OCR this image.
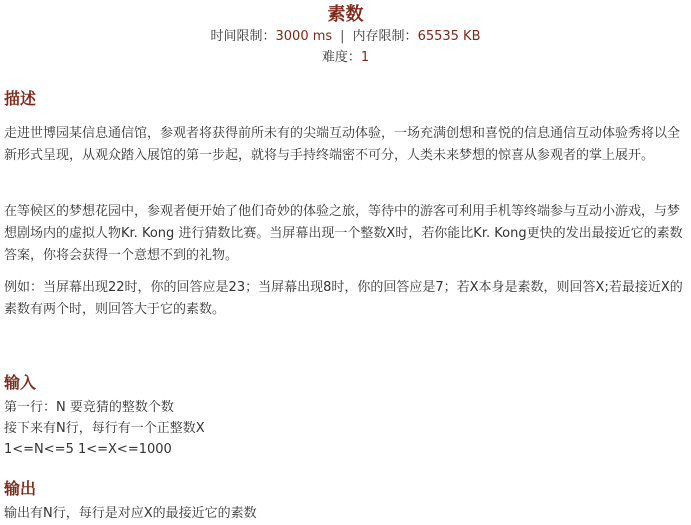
素数
时间限制：3000 ms | 内存限制：65535 KB
难度：1
描述

走进世博园某信息通信馆，参观者将获得前所未有的尖端互动体验，一场充满创想和喜悦的信息通信互动体验秀将以全新形式呈现，从观众踏入展馆的第一步起，就将与手持终端密不可分，人类未来梦想的惊喜从参观者的掌上展开。

在等候区的梦想花园中，参观者便开始了他们奇妙的体验之旅，等待中的游客可利用手机等终端参与互动小游戏，与梦想剧场内的虚拟人物Kr. Kong 进行猜数比赛。当屏幕出现一个整数X时，若你能比Kr. Kong更快的发出最接近它的素数答案，你将会获得一个意想不到的礼物。

例如：当屏幕出现22时，你的回答应是23；当屏幕出现8时，你的回答应是7；若X本身是素数，则回答X;若最接近X的素数有两个时，则回答大于它的素数。

输入
第一行：N 要竞猜的整数个数
接下来有N行，每行有一个正整数X
1<=N<=5 1<=X<=1000
输出
输出有N行，每行是对应X的最接近它的素数
